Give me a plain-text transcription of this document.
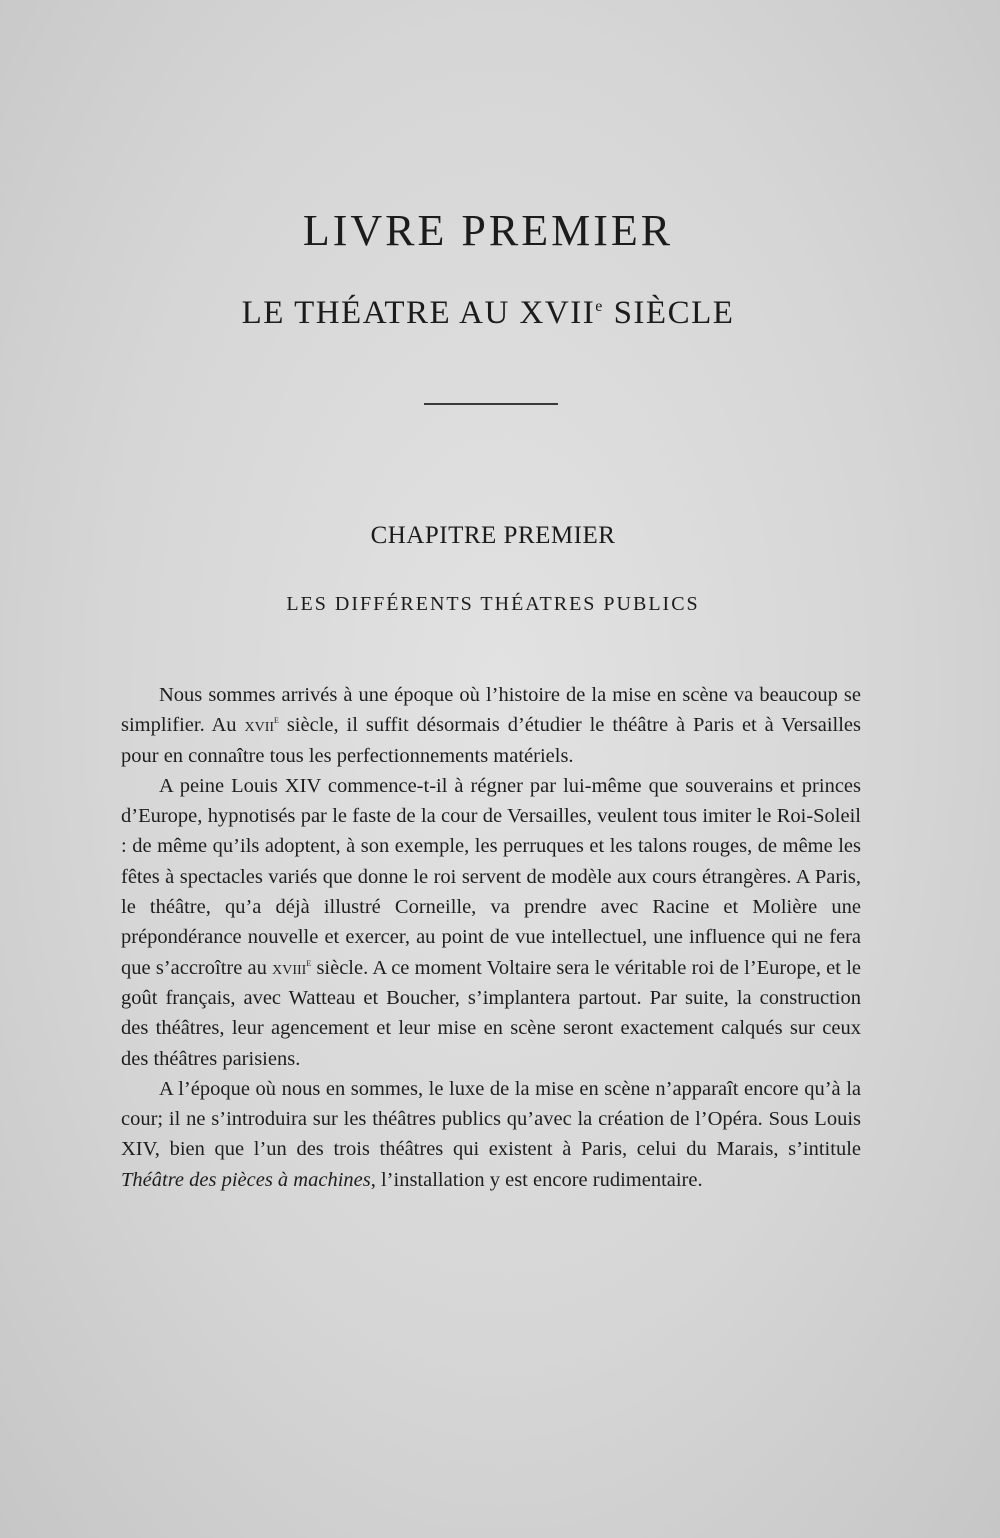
LIVRE PREMIER
LE THÉATRE AU XVIIe SIÈCLE
CHAPITRE PREMIER
LES DIFFÉRENTS THÉATRES PUBLICS

Nous sommes arrivés à une époque où l’histoire de la mise en scène va beaucoup se simplifier. Au xvii$^e$ siècle, il suffit désormais d’étudier le théâtre à Paris et à Versailles pour en connaître tous les perfectionnements matériels.

A peine Louis XIV commence-t-il à régner par lui-même que souverains et princes d’Europe, hypnotisés par le faste de la cour de Versailles, veulent tous imiter le Roi-Soleil : de même qu’ils adoptent, à son exemple, les perruques et les talons rouges, de même les fêtes à spectacles variés que donne le roi servent de modèle aux cours étrangères. A Paris, le théâtre, qu’a déjà illustré Corneille, va prendre avec Racine et Molière une prépondérance nouvelle et exercer, au point de vue intellectuel, une influence qui ne fera que s’accroître au xviii$^e$ siècle. A ce moment Voltaire sera le véritable roi de l’Europe, et le goût français, avec Watteau et Boucher, s’implantera partout. Par suite, la construction des théâtres, leur agencement et leur mise en scène seront exactement calqués sur ceux des théâtres parisiens.

A l’époque où nous en sommes, le luxe de la mise en scène n’apparaît encore qu’à la cour; il ne s’introduira sur les théâtres publics qu’avec la création de l’Opéra. Sous Louis XIV, bien que l’un des trois théâtres qui existent à Paris, celui du Marais, s’intitule Théâtre des pièces à machines, l’installation y est encore rudimentaire.
